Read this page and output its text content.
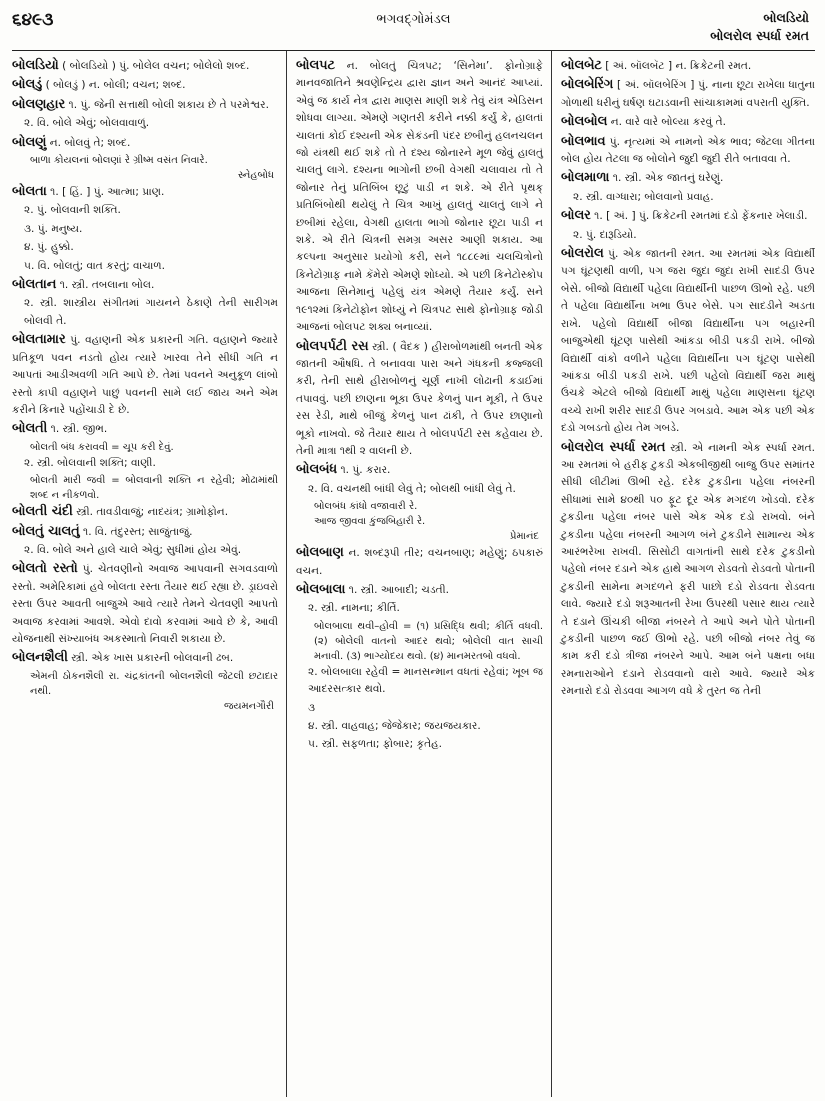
૬૪૯૩	ભગવદ્ગોમંડલ	બોલડિયો
બોલરોલ સ્પર્ધા રમત
બોલડિયો ( બોલડિયો ) પું. બોલેલ વચન; બોલેલો શબ્દ.
બોલડું ( બોલડું ) ન. બોલી; વચન; શબ્દ.
બોલણહાર ૧. પું. જેની સત્તાથી બોલી શકાય છે તે પરમેશ્વર.
૨. વિ. બોલે એવું; બોલવાવાળું.
બોલણું ન. બોલવું તે; શબ્દ.
બાળા કોયલનાં બોલણાં રે ગ્રીષ્મ વસંત નિવારે.
સ્નેહબોધ
બોલતા ૧. [ હિં. ] પું. આત્મા; પ્રાણ.
૨. પું. બોલવાની શક્તિ.
૩. પું. મનુષ્ય.
૪. પું. હુક્કો.
૫. વિ. બોલતું; વાત કરતું; વાચાળ.
બોલતાન ૧. સ્ત્રી. તબલાના બોલ.
૨. સ્ત્રી. શાસ્ત્રીય સંગીતમાં ગાયનને ઠેકાણે તેની સારીગમ બોલવી તે.
બોલતામાર પું. વહાણની એક પ્રકારની ગતિ. વહાણને જ્યારે પ્રતિકૂળ પવન નડતો હોય ત્યારે ખારવા તેને સીધી ગતિ ન આપતાં આડીઅવળી ગતિ આપે છે. તેમાં પવનને અનુકૂળ લાંબો રસ્તો કાપી વહાણને પાછું પવનની સામે લઈ જાય અને એમ કરીને કિનારે પહોંચાડી દે છે.
બોલતી ૧. સ્ત્રી. જીભ.
બોલતી બંધ કરાવવી = ચૂપ કરી દેવું.
૨. સ્ત્રી. બોલવાની શક્તિ; વાણી.
બોલતી મારી જવી = બોલવાની શક્તિ ન રહેવી; મોઢામાંથી શબ્દ ન નીકળવો.
બોલતી ચંદી સ્ત્રી. તાવડીવાજું; નાદયંત્ર; ગ્રામોફોન.
બોલતું ચાલતું ૧. વિ. તંદુરસ્ત; સાજુંતાજું.
૨. વિ. બોલે અને હાલે ચાલે એવું; સુધીમાં હોય એવું.
બોલતો રસ્તો પું. ચેતવણીનો અવાજ આપવાની સગવડવાળો રસ્તો. અમેરિકામાં હવે બોલતા રસ્તા તૈયાર થઈ રહ્યા છે. ડ્રાઇવરો રસ્તા ઉપર આવતી બાજુએ આવે ત્યારે તેમને ચેતવણી આપતો અવાજ કરવામાં આવશે. એવો દાવો કરવામાં આવે છે કે, આવી યોજનાથી સંખ્યાબંધ અકસ્માતો નિવારી શકાયા છે.
બોલનશૈલી સ્ત્રી. એક ખાસ પ્રકારની બોલવાની ઢબ.
એમની ઠોકનશૈલી રા. ચંદ્રકાંતની બોલનશૈલી જેટલી છટાદાર નથી.
જયમનગૌરી
બોલપટ ન. બોલતું ચિત્રપટ; ‘સિનેમા’. ફોનોગ્રાફે માનવજાતિને શ્રવણેન્દ્રિય દ્વારા જ્ઞાન અને આનંદ આપ્યાં. એવું જ કાર્ય નેત્ર દ્વારા માણસ માણી શકે તેવું યંત્ર એડિસન શોધવા લાગ્યા. એમણે ગણતરી કરીને નક્કી કર્યું કે, હાલતાં ચાલતાં કોઈ દશ્યની એક સેકંડની પંદર છબીનું હલનચલન જો યંત્રથી થઈ શકે તો તે દશ્ય જોનારને મૂળ જેવું હાલતું ચાલતું લાગે. દશ્યના ભાગોની છબી વેગથી ચલાવાય તો તે જોનાર તેનું પ્રતિબિંબ છૂટું પાડી ન શકે. એ રીતે પૃથક્ પ્રતિબિંબોથી થયેલું તે ચિત્ર આખું હાલતું ચાલતું લાગે ને છબીમાં રહેલા, વેગથી હાલતા ભાગો જોનાર છૂટા પાડી ન શકે. એ રીતે ચિત્રની સમગ્ર અસર આણી શકાય. આ કલ્પના અનુસાર પ્રયોગો કરી, સને ૧૮૮૯માં ચલચિત્રોનો કિનેટોગ્રાફ નામે કૅમેરો એમણે શોધ્યો. એ પછી કિનેટોસ્કોપ આજના સિનેમાનું પહેલું યંત્ર એમણે તૈયાર કર્યું. સને ૧૯૧૨માં કિનેટોફોન શોધ્યું ને ચિત્રપટ સાથે ફોનોગ્રાફ જોડી આજનાં બોલપટ શક્ય બનાવ્યાં.
બોલપર્પટી રસ સ્ત્રી. ( વૈદક ) હીરાબોળમાંથી બનતી એક જાતની ઔષધિ. તે બનાવવા પારા અને ગંધકની કજ્જલી કરી, તેની સાથે હીરાબોળનું ચૂર્ણ નાખી લોઢાની કડાઈમાં તપાવવું. પછી છાણના ભૂકા ઉપર કેળનું પાન મૂકી, તે ઉપર રસ રેડી, માથે બીજું કેળનું પાન ઢાંકી, તે ઉપર છાણાનો ભૂકો નાખવો. જે તૈયાર થાય તે બોલપર્પટી રસ કહેવાય છે. તેની માત્રા ૧થી ૨ વાલની છે.
બોલબંધ ૧. પું. કરાર.
૨. વિ. વચનથી બાંધી લેવું તે; બોલથી બાંધી લેવું તે.
બોલબંધ કાંધો વજાવારી રે.
આજ જીવવા કુંજબિહારી રે.
પ્રેમાનંદ
બોલબાણ ન. શબ્દરૂપી તીર; વચનબાણ; મહેણું; ઠપકારું વચન.
બોલબાલા ૧. સ્ત્રી. આબાદી; ચડતી.
૨. સ્ત્રી. નામના; કીર્તિ.
બોલબાલા થવી–હોવી = (૧) પ્રસિદ્ધિ થવી; કીર્તિ વધવી. (૨) બોલેલી વાતનો આદર થવો; બોલેલી વાત સાચી મનાવી. (૩) ભાગ્યોદય થવો. (૪) માનમરતબો વધવો.
૨. બોલબાલા રહેવી = માનસન્માન વધતાં રહેવાં; ખૂબ જ આદરસત્કાર થવો.
૩
૪. સ્ત્રી. વાહવાહ; જેજેકાર; જયજયકાર.
૫. સ્ત્રી. સફળતા; ફોબાર; કૃતેહ.
બોલબેટ [ અં. બૉલબૅટ ] ન. ક્રિકેટની રમત.
બોલબેરિંગ [ અં. બૉલબેરિંગ ] પું. નાના છૂટા રાખેલા ધાતુના ગોળાથી ધરીનું ઘર્ષણ ઘટાડવાની સાંચાકામમાં વપરાતી યુક્તિ.
બોલબોલ ન. વારે વારે બોલ્યા કરવું તે.
બોલભાવ પું. નૃત્યમાં એ નામનો એક ભાવ; જેટલા ગીતના બોલ હોય તેટલા જ બોલોને જુદી જુદી રીતે બતાવવા તે.
બોલમાળા ૧. સ્ત્રી. એક જાતનું ઘરેણું.
૨. સ્ત્રી. વાગ્ધારા; બોલવાનો પ્રવાહ.
બોલર ૧. [ અં. ] પું. ક્રિકેટની રમતમાં દડો ફેંકનાર ખેલાડી.
૨. પું. દારૂડિયો.
બોલરોલ પું. એક જાતની રમત. આ રમતમાં એક વિદ્યાર્થી પગ ઘૂંટણથી વાળી, પગ જરા જુદા જુદા રાખી સાદડી ઉપર બેસે. બીજો વિદ્યાર્થી પહેલા વિદ્યાર્થીની પાછળ ઊભો રહે. પછી તે પહેલા વિદ્યાર્થીના ખભા ઉપર બેસે. પગ સાદડીને અડતા રાખે. પહેલો વિદ્યાર્થી બીજા વિદ્યાર્થીના પગ બહારની બાજુએથી ઘૂંટણ પાસેથી આંકડા બીડી પકડી રાખે. બીજો વિદ્યાર્થી વાંકો વળીને પહેલા વિદ્યાર્થીના પગ ઘૂંટણ પાસેથી આંકડા બીડી પકડી રાખે. પછી પહેલો વિદ્યાર્થી જરા માથું ઉંચકે એટલે બીજો વિદ્યાર્થી માથું પહેલા માણસના ઘૂંટણ વચ્ચે રાખી શરીર સાદડી ઉપર ગબડાવે. આમ એક પછી એક દડો ગબડતો હોય તેમ ગબડે.
બોલરોલ સ્પર્ધા રમત સ્ત્રી. એ નામની એક સ્પર્ધા રમત. આ રમતમાં બે હરીફ ટુકડી એકબીજીથી બાજુ ઉપર સમાંતર સીધી લીટીમાં ઊભી રહે. દરેક ટુકડીના પહેલા નંબરની સીધામાં સામે ૪૦થી ૫૦ ફૂટ દૂર એક મગદળ ખોડવો. દરેક ટુકડીના પહેલા નંબર પાસે એક એક દડો રાખવો. બંને ટુકડીના પહેલા નંબરની આગળ બંને ટુકડીને સામાન્ય એક આરંભરેખા રાખવી. સિસોટી વાગતાંની સાથે દરેક ટુકડીનો પહેલો નંબર દડાને એક હાથે આગળ રોડવતો રોડવતો પોતાની ટુકડીની સામેના મગદળને ફરી પાછો દડો રોડવતા રોડવતા લાવે. જ્યારે દડો શરૂઆતની રેખા ઉપરથી પસાર થાય ત્યારે તે દડાને ઊંચકી બીજા નંબરને તે આપે અને પોતે પોતાની ટુકડીની પાછળ જઈ ઊભો રહે. પછી બીજો નંબર તેવું જ કામ કરી દડો ત્રીજા નંબરને આપે. આમ બંને પક્ષના બધા રમનારાઓને દડાને રોડવવાનો વારો આવે. જ્યારે એક રમનારો દડો રોડવવા આગળ વધે કે તુરત જ તેની
